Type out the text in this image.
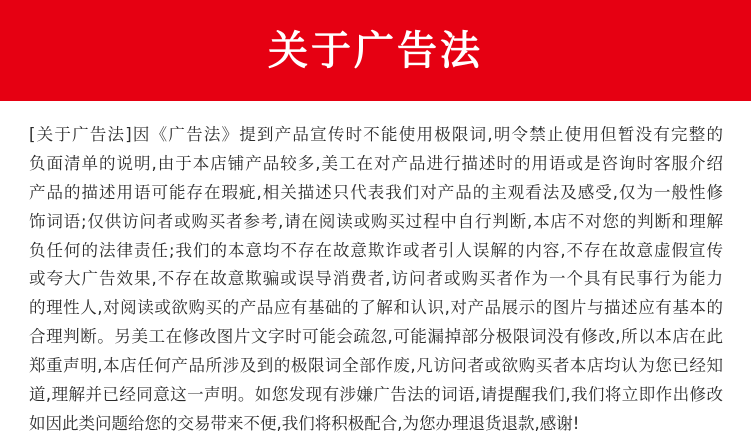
关于广告法
[关于广告法]因《广告法》提到产品宣传时不能使用极限词,明令禁止使用但暂没有完整的
负面清单的说明,由于本店铺产品较多,美工在对产品进行描述时的用语或是咨询时客服介绍
产品的描述用语可能存在瑕疵,相关描述只代表我们对产品的主观看法及感受,仅为一般性修
饰词语;仅供访问者或购买者参考,请在阅读或购买过程中自行判断,本店不对您的判断和理解
负任何的法律责任;我们的本意均不存在故意欺诈或者引人误解的内容,不存在故意虚假宣传
或夸大广告效果,不存在故意欺骗或误导消费者,访问者或购买者作为一个具有民事行为能力
的理性人,对阅读或欲购买的产品应有基础的了解和认识,对产品展示的图片与描述应有基本的
合理判断。另美工在修改图片文字时可能会疏忽,可能漏掉部分极限词没有修改,所以本店在此
郑重声明,本店任何产品所涉及到的极限词全部作废,凡访问者或欲购买者本店均认为您已经知
道,理解并已经同意这一声明。如您发现有涉嫌广告法的词语,请提醒我们,我们将立即作出修改
如因此类问题给您的交易带来不便,我们将积极配合,为您办理退货退款,感谢!
